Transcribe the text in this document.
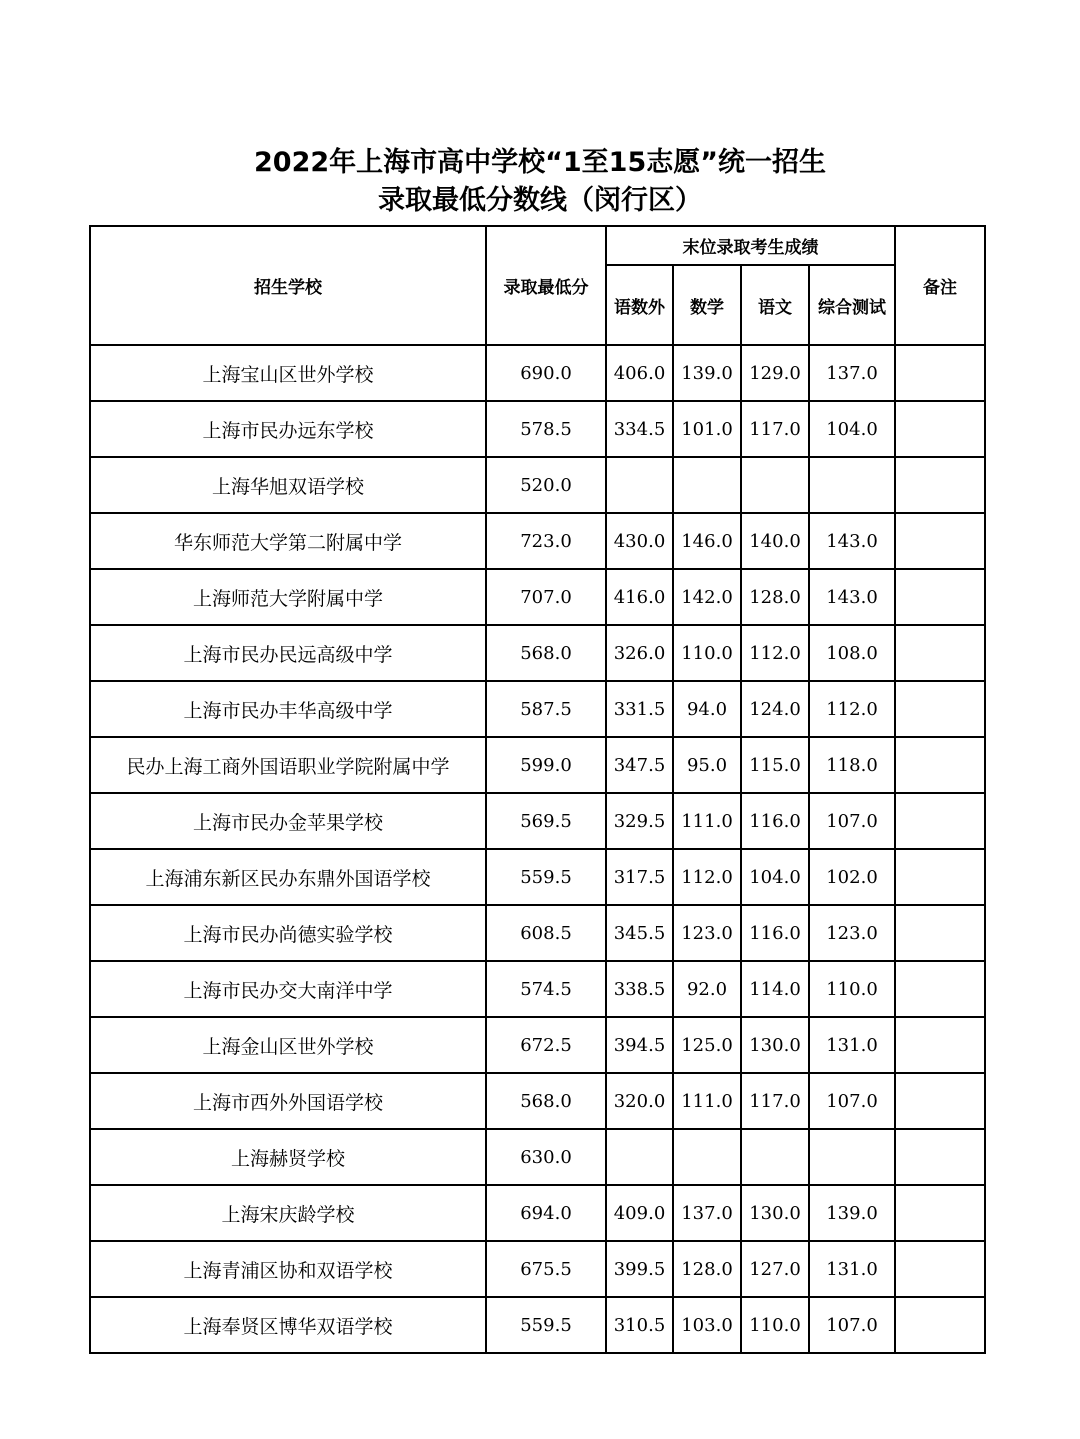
2022年上海市高中学校“1至15志愿”统一招生
录取最低分数线（闵行区）
招生学校	录取最低分	末位录取考生成绩				备注
		语数外	数学	语文	综合测试	
上海宝山区世外学校	690.0	406.0	139.0	129.0	137.0	
上海市民办远东学校	578.5	334.5	101.0	117.0	104.0	
上海华旭双语学校	520.0					
华东师范大学第二附属中学	723.0	430.0	146.0	140.0	143.0	
上海师范大学附属中学	707.0	416.0	142.0	128.0	143.0	
上海市民办民远高级中学	568.0	326.0	110.0	112.0	108.0	
上海市民办丰华高级中学	587.5	331.5	94.0	124.0	112.0	
民办上海工商外国语职业学院附属中学	599.0	347.5	95.0	115.0	118.0	
上海市民办金苹果学校	569.5	329.5	111.0	116.0	107.0	
上海浦东新区民办东鼎外国语学校	559.5	317.5	112.0	104.0	102.0	
上海市民办尚德实验学校	608.5	345.5	123.0	116.0	123.0	
上海市民办交大南洋中学	574.5	338.5	92.0	114.0	110.0	
上海金山区世外学校	672.5	394.5	125.0	130.0	131.0	
上海市西外外国语学校	568.0	320.0	111.0	117.0	107.0	
上海赫贤学校	630.0					
上海宋庆龄学校	694.0	409.0	137.0	130.0	139.0	
上海青浦区协和双语学校	675.5	399.5	128.0	127.0	131.0	
上海奉贤区博华双语学校	559.5	310.5	103.0	110.0	107.0	
